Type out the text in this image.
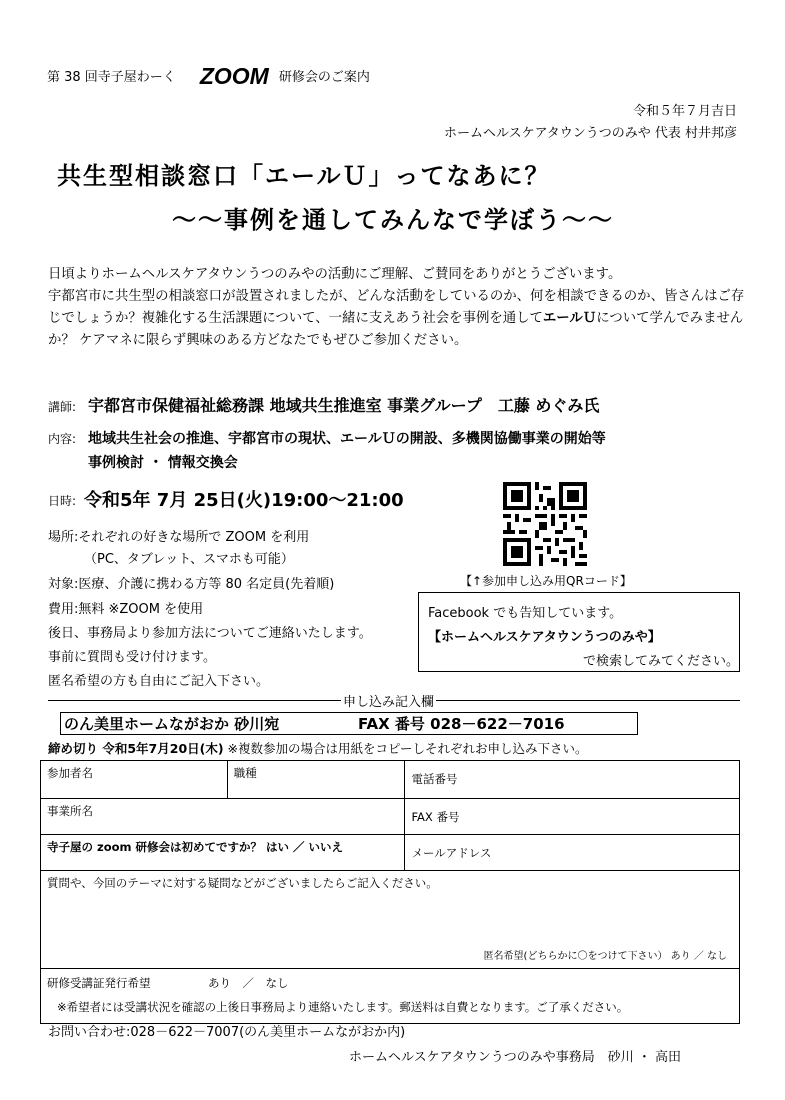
第 38 回寺子屋わーく ZOOM 研修会のご案内
令和５年７月吉日
ホームヘルスケアタウンうつのみや 代表 村井邦彦
共生型相談窓口「エールＵ」ってなあに？
～～事例を通してみんなで学ぼう～～
日頃よりホームヘルスケアタウンうつのみやの活動にご理解、ご賛同をありがとうございます。
宇都宮市に共生型の相談窓口が設置されましたが、どんな活動をしているのか、何を相談できるのか、皆さんはご存じでしょうか？複雑化する生活課題について、一緒に支えあう社会を事例を通してエールＵについて学んでみませんか？ ケアマネに限らず興味のある方どなたでもぜひご参加ください。
講師: 宇都宮市保健福祉総務課 地域共生推進室 事業グループ　工藤 めぐみ氏
内容: 地域共生社会の推進、宇都宮市の現状、エールＵの開設、多機関協働事業の開始等
事例検討 ・ 情報交換会
日時: 令和5年 7月 25日(火)19:00～21:00
【↑参加申し込み用QRコード】
場所:それぞれの好きな場所で ZOOM を利用
（PC、タブレット、スマホも可能）
対象:医療、介護に携わる方等 80 名定員(先着順)
費用:無料 ※ZOOM を使用
後日、事務局より参加方法についてご連絡いたします。
事前に質問も受け付けます。
匿名希望の方も自由にご記入下さい。
Facebook でも告知しています。
【ホームヘルスケアタウンうつのみや】
で検索してみてください。
申し込み記入欄
のん美里ホームながおか 砂川宛	FAX 番号 028－622－7016
締め切り 令和5年7月20日(木) ※複数参加の場合は用紙をコピーしそれぞれお申し込み下さい。
参加者名	職種	電話番号
事業所名		FAX 番号
寺子屋の zoom 研修会は初めてですか？ はい ／ いいえ		メールアドレス
質問や、今回のテーマに対する疑問などがございましたらご記入ください。
匿名希望(どちらかに〇をつけて下さい） あり ／ なし		

研修受講証発行希望　　　　　あり　／　なし
※希望者には受講状況を確認の上後日事務局より連絡いたします。郵送料は自費となります。ご了承ください。		
お問い合わせ:028－622－7007(のん美里ホームながおか内)
ホームヘルスケアタウンうつのみや事務局　砂川 ・ 高田
